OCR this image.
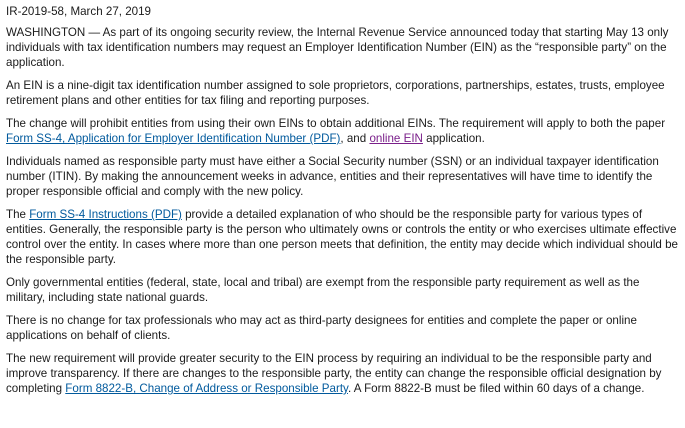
IR-2019-58, March 27, 2019

WASHINGTON — As part of its ongoing security review, the Internal Revenue Service announced today that starting May 13 only individuals with tax identification numbers may request an Employer Identification Number (EIN) as the “responsible party” on the application.

An EIN is a nine-digit tax identification number assigned to sole proprietors, corporations, partnerships, estates, trusts, employee retirement plans and other entities for tax filing and reporting purposes.

The change will prohibit entities from using their own EINs to obtain additional EINs. The requirement will apply to both the paper Form SS-4, Application for Employer Identification Number (PDF), and online EIN application.

Individuals named as responsible party must have either a Social Security number (SSN) or an individual taxpayer identification number (ITIN). By making the announcement weeks in advance, entities and their representatives will have time to identify the proper responsible official and comply with the new policy.

The Form SS-4 Instructions (PDF) provide a detailed explanation of who should be the responsible party for various types of entities. Generally, the responsible party is the person who ultimately owns or controls the entity or who exercises ultimate effective control over the entity. In cases where more than one person meets that definition, the entity may decide which individual should be the responsible party.

Only governmental entities (federal, state, local and tribal) are exempt from the responsible party requirement as well as the military, including state national guards.

There is no change for tax professionals who may act as third-party designees for entities and complete the paper or online applications on behalf of clients.

The new requirement will provide greater security to the EIN process by requiring an individual to be the responsible party and improve transparency. If there are changes to the responsible party, the entity can change the responsible official designation by completing Form 8822-B, Change of Address or Responsible Party. A Form 8822-B must be filed within 60 days of a change.
